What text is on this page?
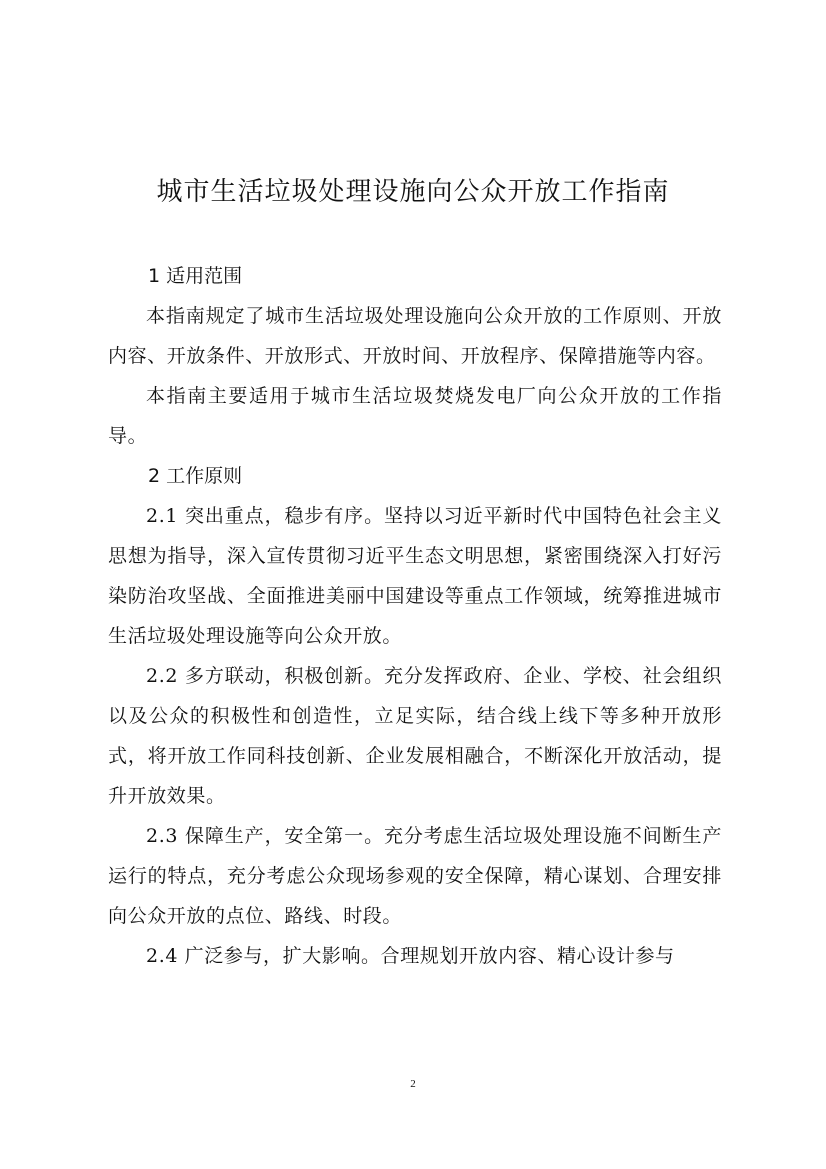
城市生活垃圾处理设施向公众开放工作指南

1 适用范围

本指南规定了城市生活垃圾处理设施向公众开放的工作原则、开放内容、开放条件、开放形式、开放时间、开放程序、保障措施等内容。

本指南主要适用于城市生活垃圾焚烧发电厂向公众开放的工作指导。

2 工作原则

2.1 突出重点，稳步有序。坚持以习近平新时代中国特色社会主义思想为指导，深入宣传贯彻习近平生态文明思想，紧密围绕深入打好污染防治攻坚战、全面推进美丽中国建设等重点工作领域，统筹推进城市生活垃圾处理设施等向公众开放。

2.2 多方联动，积极创新。充分发挥政府、企业、学校、社会组织以及公众的积极性和创造性，立足实际，结合线上线下等多种开放形式，将开放工作同科技创新、企业发展相融合，不断深化开放活动，提升开放效果。

2.3 保障生产，安全第一。充分考虑生活垃圾处理设施不间断生产运行的特点，充分考虑公众现场参观的安全保障，精心谋划、合理安排向公众开放的点位、路线、时段。

2.4 广泛参与，扩大影响。合理规划开放内容、精心设计参与

2
